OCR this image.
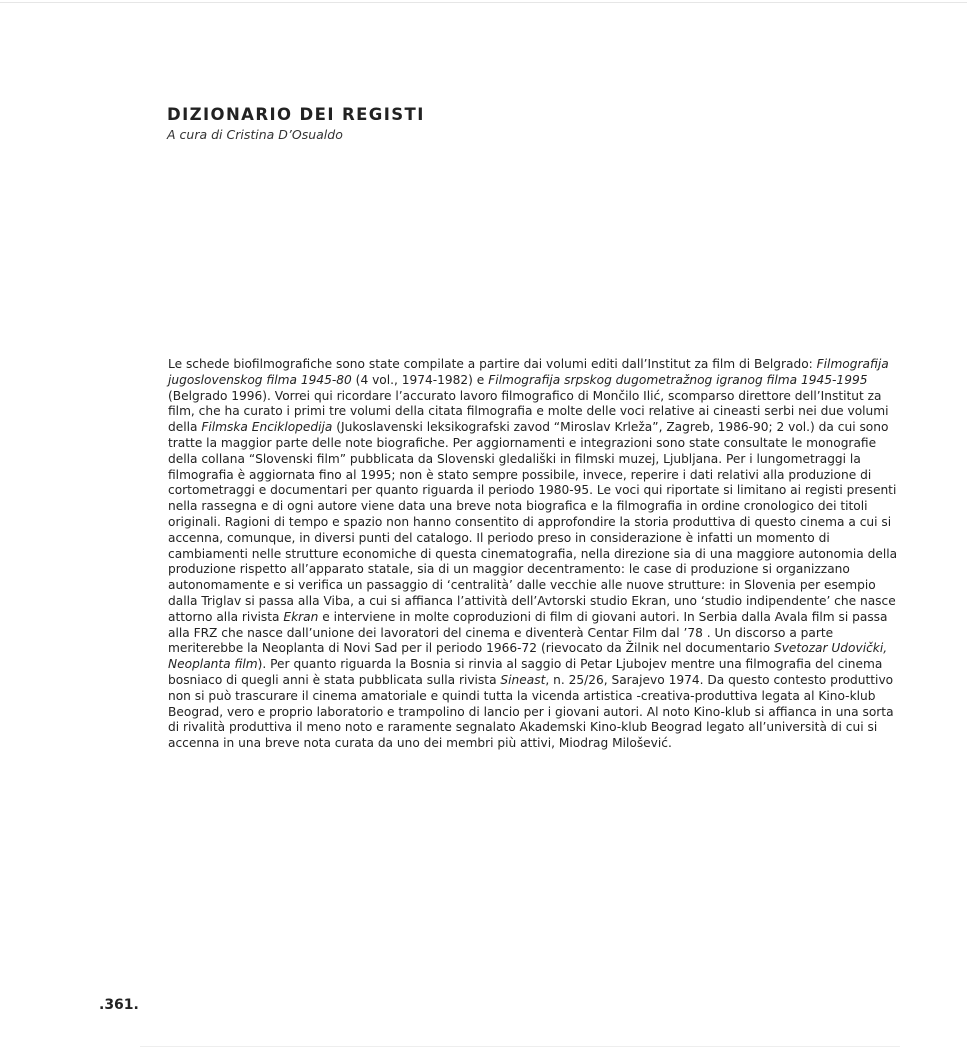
DIZIONARIO DEI REGISTI
A cura di Cristina D’Osualdo
Le schede biofilmografiche sono state compilate a partire dai volumi editi dall’Institut za film di Belgrado: Filmografija
jugoslovenskog filma 1945-80 (4 vol., 1974-1982) e Filmografija srpskog dugometražnog igranog filma 1945-1995
(Belgrado 1996). Vorrei qui ricordare l’accurato lavoro filmografico di Mončilo Ilić, scomparso direttore dell’Institut za
film, che ha curato i primi tre volumi della citata filmografia e molte delle voci relative ai cineasti serbi nei due volumi
della Filmska Enciklopedija (Jukoslavenski leksikografski zavod “Miroslav Krleža”, Zagreb, 1986-90; 2 vol.) da cui sono
tratte la maggior parte delle note biografiche. Per aggiornamenti e integrazioni sono state consultate le monografie
della collana “Slovenski film” pubblicata da Slovenski gledališki in filmski muzej, Ljubljana. Per i lungometraggi la
filmografia è aggiornata fino al 1995; non è stato sempre possibile, invece, reperire i dati relativi alla produzione di
cortometraggi e documentari per quanto riguarda il periodo 1980-95. Le voci qui riportate si limitano ai registi presenti
nella rassegna e di ogni autore viene data una breve nota biografica e la filmografia in ordine cronologico dei titoli
originali. Ragioni di tempo e spazio non hanno consentito di approfondire la storia produttiva di questo cinema a cui si
accenna, comunque, in diversi punti del catalogo. Il periodo preso in considerazione è infatti un momento di
cambiamenti nelle strutture economiche di questa cinematografia, nella direzione sia di una maggiore autonomia della
produzione rispetto all’apparato statale, sia di un maggior decentramento: le case di produzione si organizzano
autonomamente e si verifica un passaggio di ‘centralità’ dalle vecchie alle nuove strutture: in Slovenia per esempio
dalla Triglav si passa alla Viba, a cui si affianca l’attività dell’Avtorski studio Ekran, uno ‘studio indipendente’ che nasce
attorno alla rivista Ekran e interviene in molte coproduzioni di film di giovani autori. In Serbia dalla Avala film si passa
alla FRZ che nasce dall’unione dei lavoratori del cinema e diventerà Centar Film dal ’78 . Un discorso a parte
meriterebbe la Neoplanta di Novi Sad per il periodo 1966-72 (rievocato da Žilnik nel documentario Svetozar Udovički,
Neoplanta film). Per quanto riguarda la Bosnia si rinvia al saggio di Petar Ljubojev mentre una filmografia del cinema
bosniaco di quegli anni è stata pubblicata sulla rivista Sineast, n. 25/26, Sarajevo 1974. Da questo contesto produttivo
non si può trascurare il cinema amatoriale e quindi tutta la vicenda artistica -creativa-produttiva legata al Kino-klub
Beograd, vero e proprio laboratorio e trampolino di lancio per i giovani autori. Al noto Kino-klub si affianca in una sorta
di rivalità produttiva il meno noto e raramente segnalato Akademski Kino-klub Beograd legato all’università di cui si
accenna in una breve nota curata da uno dei membri più attivi, Miodrag Milošević.
.361.
